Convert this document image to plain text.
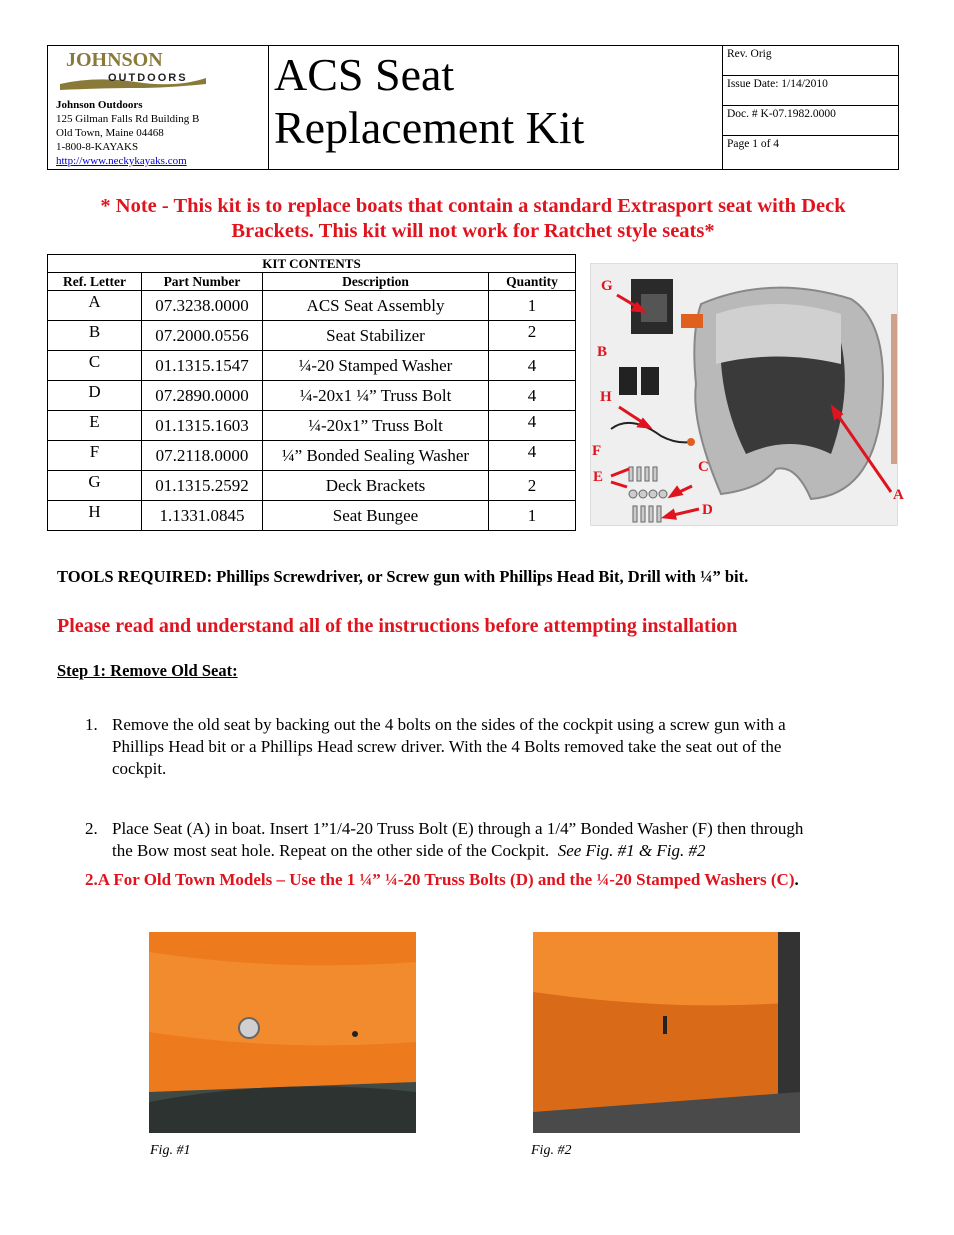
JOHNSON
OUTDOORS
Johnson Outdoors
125 Gilman Falls Rd Building B
Old Town, Maine 04468
1-800-8-KAYAKS
http://www.neckykayaks.com
ACS Seat
Replacement Kit
Rev. Orig
Issue Date: 1/14/2010
Doc. # K-07.1982.0000
Page 1 of 4
* Note - This kit is to replace boats that contain a standard Extrasport seat with Deck
Brackets. This kit will not work for Ratchet style seats*
KIT CONTENTS			
Ref. Letter	Part Number	Description	Quantity
A	07.3238.0000	ACS Seat Assembly	1
B	07.2000.0556	Seat Stabilizer	2
C	01.1315.1547	¼-20 Stamped Washer	4
D	07.2890.0000	¼-20x1 ¼” Truss Bolt	4
E	01.1315.1603	¼-20x1” Truss Bolt	4
F	07.2118.0000	¼” Bonded Sealing Washer	4
G	01.1315.2592	Deck Brackets	2
H	1.1331.0845	Seat Bungee	1
G
B
H
F
E
C
D
A
TOOLS REQUIRED: Phillips Screwdriver, or Screw gun with Phillips Head Bit, Drill with ¼” bit.
Please read and understand all of the instructions before attempting installation
Step 1: Remove Old Seat:
1. Remove the old seat by backing out the 4 bolts on the sides of the cockpit using a screw gun with a
Phillips Head bit or a Phillips Head screw driver. With the 4 Bolts removed take the seat out of the
cockpit.
2. Place Seat (A) in boat. Insert 1”1/4-20 Truss Bolt (E) through a 1/4” Bonded Washer (F) then through
the Bow most seat hole. Repeat on the other side of the Cockpit. See Fig. #1 & Fig. #2
2.A For Old Town Models – Use the 1 ¼” ¼-20 Truss Bolts (D) and the ¼-20 Stamped Washers (C).
Fig. #1	Fig. #2
